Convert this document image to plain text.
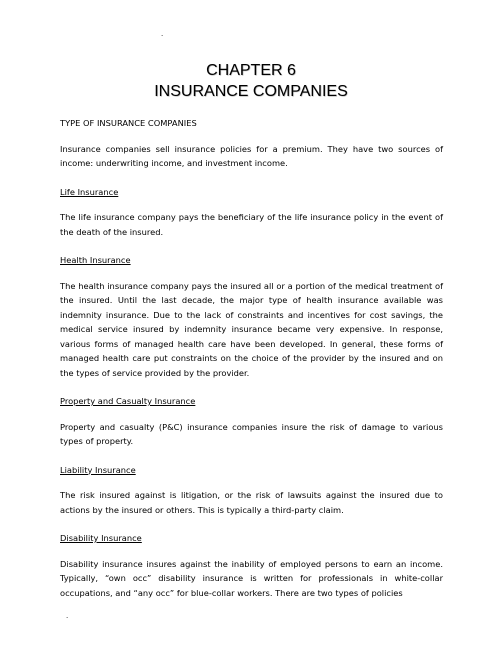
.
CHAPTER 6
INSURANCE COMPANIES
TYPE OF INSURANCE COMPANIES

Insurance companies sell insurance policies for a premium. They have two sources of income: underwriting income, and investment income.

Life Insurance

The life insurance company pays the beneficiary of the life insurance policy in the event of the death of the insured.

Health Insurance

The health insurance company pays the insured all or a portion of the medical treatment of the insured. Until the last decade, the major type of health insurance available was indemnity insurance. Due to the lack of constraints and incentives for cost savings, the medical service insured by indemnity insurance became very expensive. In response, various forms of managed health care have been developed. In general, these forms of managed health care put constraints on the choice of the provider by the insured and on the types of service provided by the provider.

Property and Casualty Insurance

Property and casualty (P&C) insurance companies insure the risk of damage to various types of property.

Liability Insurance

The risk insured against is litigation, or the risk of lawsuits against the insured due to actions by the insured or others. This is typically a third-party claim.

Disability Insurance

Disability insurance insures against the inability of employed persons to earn an income. Typically, “own occ” disability insurance is written for professionals in white-collar occupations, and “any occ” for blue-collar workers. There are two types of policies

.
